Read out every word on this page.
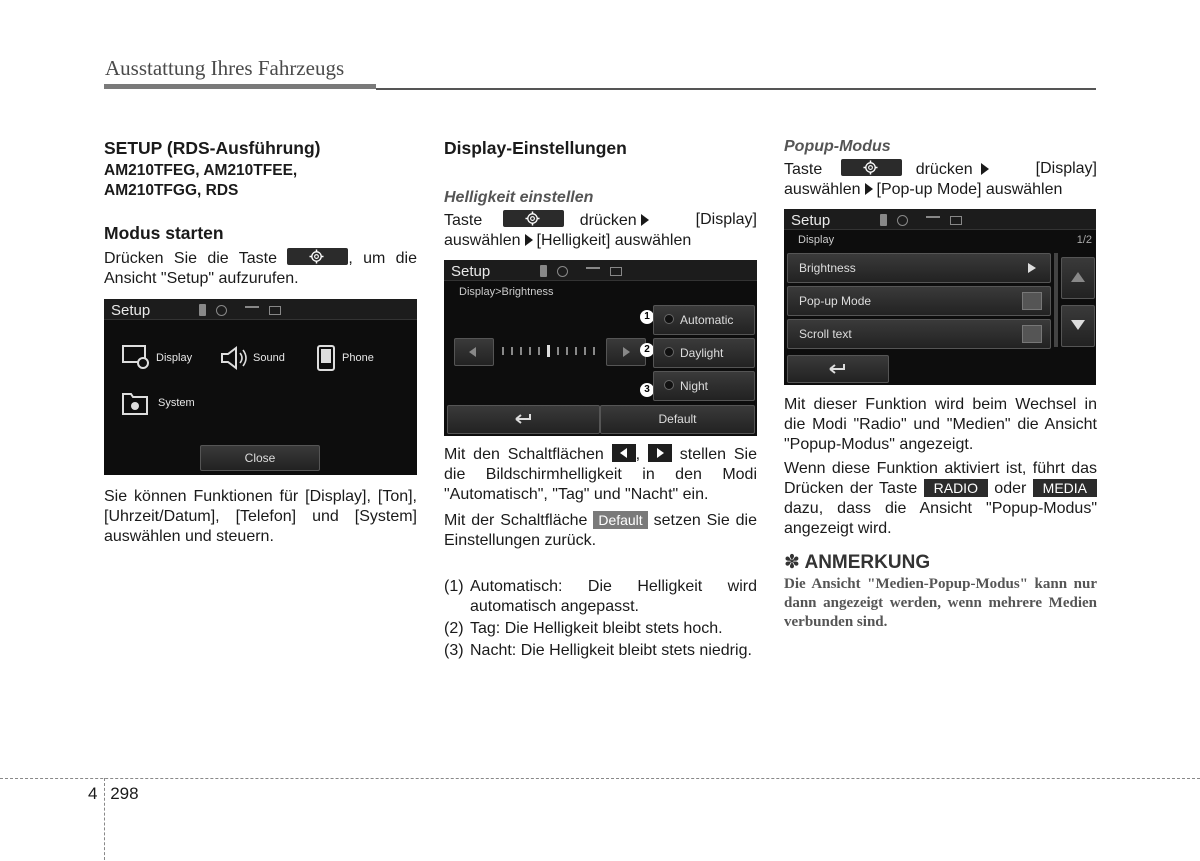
Ausstattung Ihres Fahrzeugs
SETUP (RDS-Ausführung)
AM210TFEG, AM210TFEE,
AM210TFGG, RDS
Modus starten

Drücken Sie die Taste	, um die Ansicht "Setup" aufzurufen.

Setup
Display	Sound	Phone
System
Close

Sie können Funktionen für [Display], [Ton], [Uhrzeit/Datum], [Telefon] und [System] auswählen und steuern.

Display-Einstellungen
Helligkeit einstellen

Taste	drücken	[Display]

auswählen [Helligkeit] auswählen

Setup
Display>Brightness
1	Automatic
2	Daylight
3	Night
Default

Mit den Schaltflächen , stellen Sie die Bildschirmhelligkeit in den Modi "Automatisch", "Tag" und "Nacht" ein.

Mit der Schaltfläche Default setzen Sie die Einstellungen zurück.

(1) Automatisch: Die Helligkeit wird automatisch angepasst.
(2) Tag: Die Helligkeit bleibt stets hoch.
(3) Nacht: Die Helligkeit bleibt stets niedrig.
Popup-Modus

Taste	drücken	[Display]

auswählen [Pop-up Mode] auswählen

Setup
Display	1/2
Brightness
Pop-up Mode
Scroll text

Mit dieser Funktion wird beim Wechsel in die Modi "Radio" und "Medien" die Ansicht "Popup-Modus" angezeigt.

Wenn diese Funktion aktiviert ist, führt das Drücken der Taste RADIO oder MEDIA dazu, dass die Ansicht "Popup-Modus" angezeigt wird.

✽ ANMERKUNG

Die Ansicht "Medien-Popup-Modus" kann nur dann angezeigt werden, wenn mehrere Medien verbunden sind.

4 298
